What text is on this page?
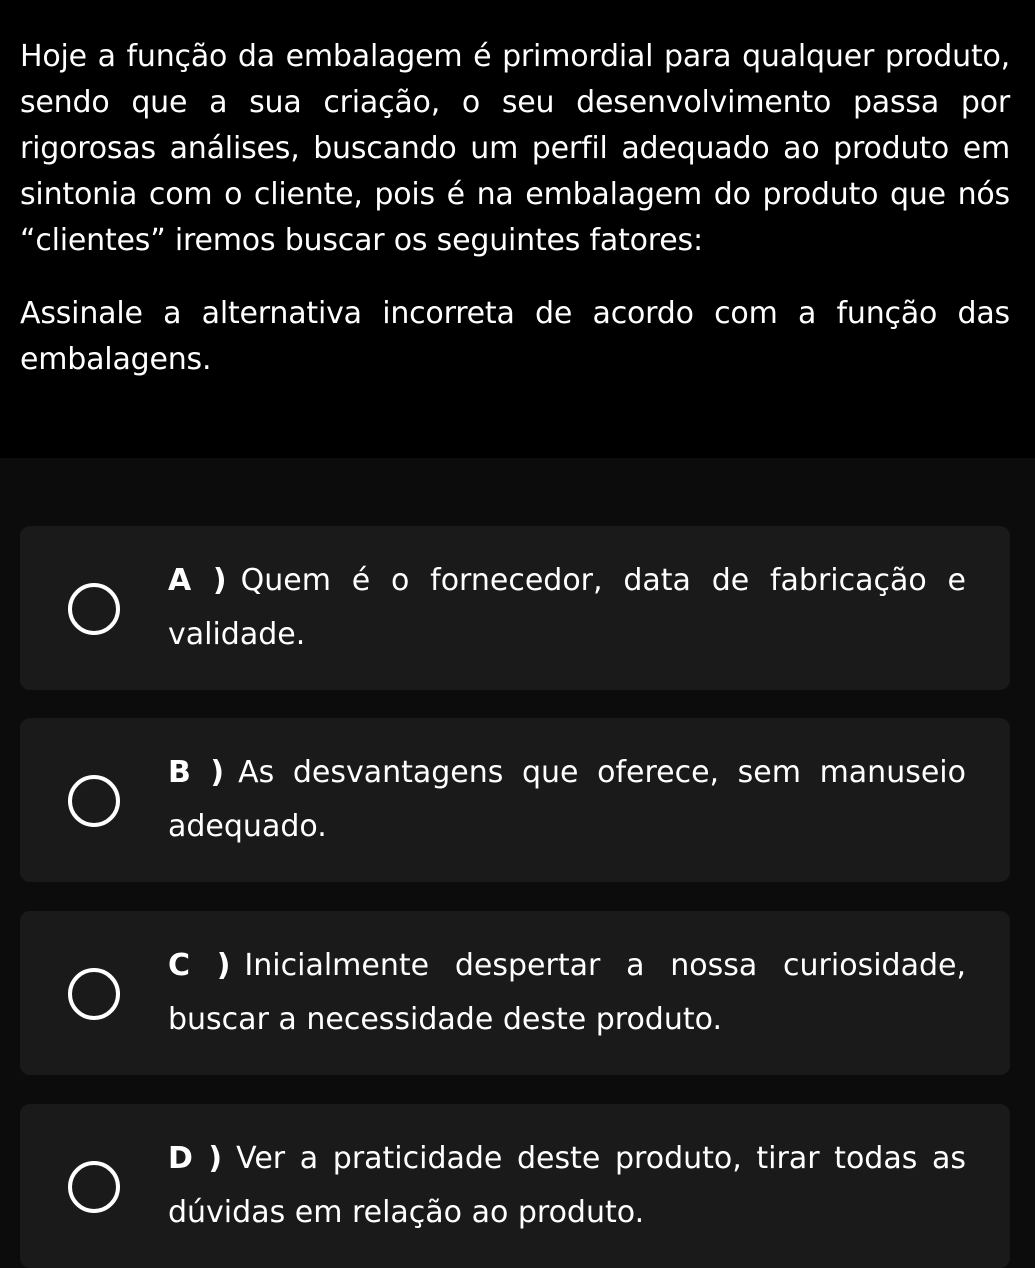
Hoje a função da embalagem é primordial para qualquer produto, sendo que a sua criação, o seu desenvolvimento passa por rigorosas análises, buscando um perfil adequado ao produto em sintonia com o cliente, pois é na embalagem do produto que nós “clientes” iremos buscar os seguintes fatores:

Assinale a alternativa incorreta de acordo com a função das embalagens.

A ) Quem é o fornecedor, data de fabricação e validade.
B ) As desvantagens que oferece, sem manuseio adequado.
C ) Inicialmente despertar a nossa curiosidade, buscar a necessidade deste produto.
D ) Ver a praticidade deste produto, tirar todas as dúvidas em relação ao produto.
